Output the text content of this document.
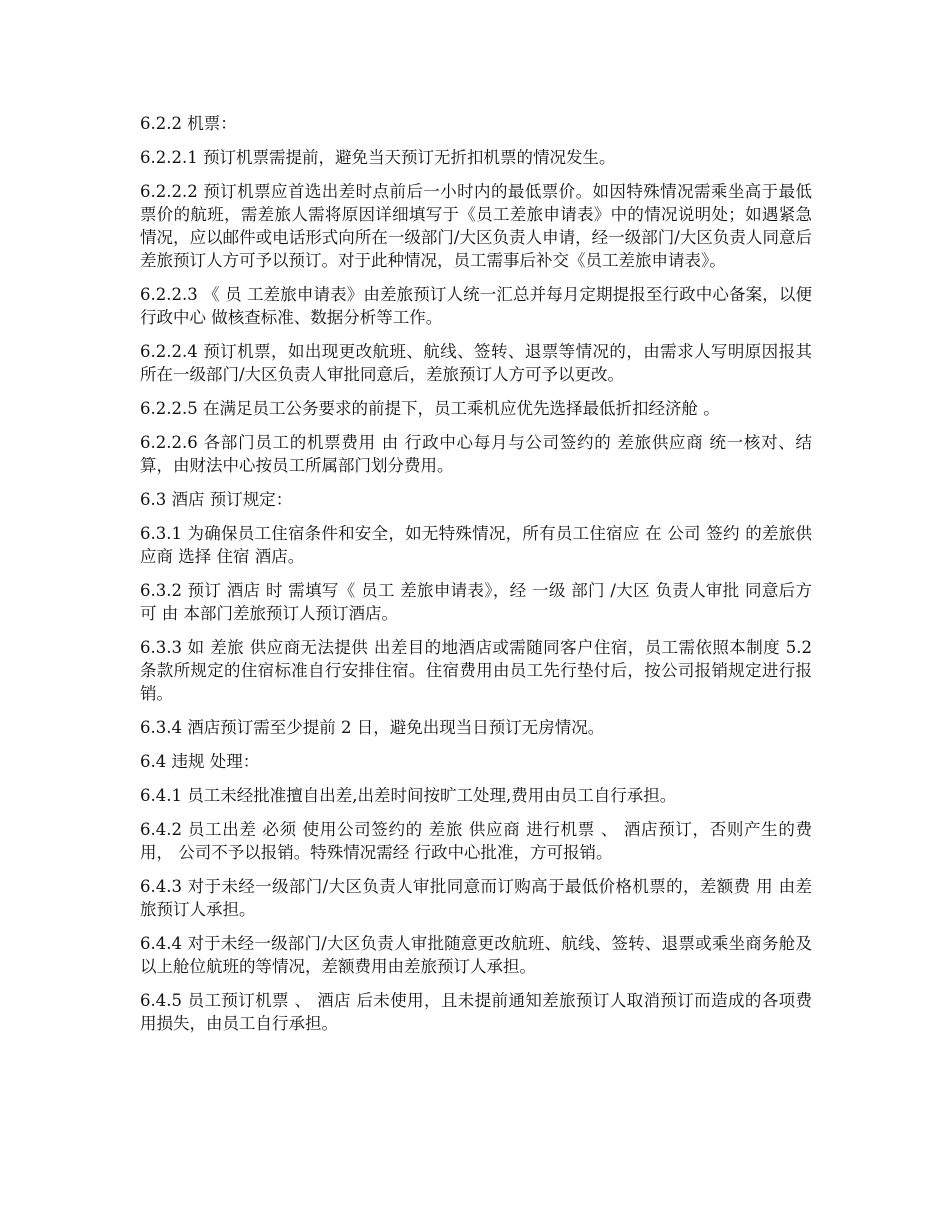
6.2.2 机票：

6.2.2.1 预订机票需提前，避免当天预订无折扣机票的情况发生。

6.2.2.2 预订机票应首选出差时点前后一小时内的最低票价。如因特殊情况需乘坐高于最低票价的航班，需差旅人需将原因详细填写于《员工差旅申请表》中的情况说明处；如遇紧急情况，应以邮件或电话形式向所在一级部门/大区负责人申请，经一级部门/大区负责人同意后差旅预订人方可予以预订。对于此种情况，员工需事后补交《员工差旅申请表》。

6.2.2.3 《 员 工差旅申请表》由差旅预订人统一汇总并每月定期提报至行政中心备案，以便行政中心 做核查标准、数据分析等工作。

6.2.2.4 预订机票，如出现更改航班、航线、签转、退票等情况的，由需求人写明原因报其所在一级部门/大区负责人审批同意后，差旅预订人方可予以更改。

6.2.2.5 在满足员工公务要求的前提下，员工乘机应优先选择最低折扣经济舱 。

6.2.2.6 各部门员工的机票费用 由 行政中心每月与公司签约的 差旅供应商 统一核对、结算，由财法中心按员工所属部门划分费用。

6.3 酒店 预订规定：

6.3.1 为确保员工住宿条件和安全，如无特殊情况，所有员工住宿应 在 公司 签约 的差旅供应商 选择 住宿 酒店。

6.3.2 预订 酒店 时 需填写《 员工 差旅申请表》，经 一级 部门 /大区 负责人审批 同意后方可 由 本部门差旅预订人预订酒店。

6.3.3 如 差旅 供应商无法提供 出差目的地酒店或需随同客户住宿，员工需依照本制度 5.2 条款所规定的住宿标准自行安排住宿。住宿费用由员工先行垫付后，按公司报销规定进行报销。

6.3.4 酒店预订需至少提前 2 日，避免出现当日预订无房情况。

6.4 违规 处理：

6.4.1 员工未经批准擅自出差,出差时间按旷工处理,费用由员工自行承担。

6.4.2 员工出差 必须 使用公司签约的 差旅 供应商 进行机票 、 酒店预订，否则产生的费用， 公司不予以报销。特殊情况需经 行政中心批准，方可报销。

6.4.3 对于未经一级部门/大区负责人审批同意而订购高于最低价格机票的，差额费 用 由差旅预订人承担。

6.4.4 对于未经一级部门/大区负责人审批随意更改航班、航线、签转、退票或乘坐商务舱及以上舱位航班的等情况，差额费用由差旅预订人承担。

6.4.5 员工预订机票 、 酒店 后未使用，且未提前通知差旅预订人取消预订而造成的各项费用损失，由员工自行承担。
